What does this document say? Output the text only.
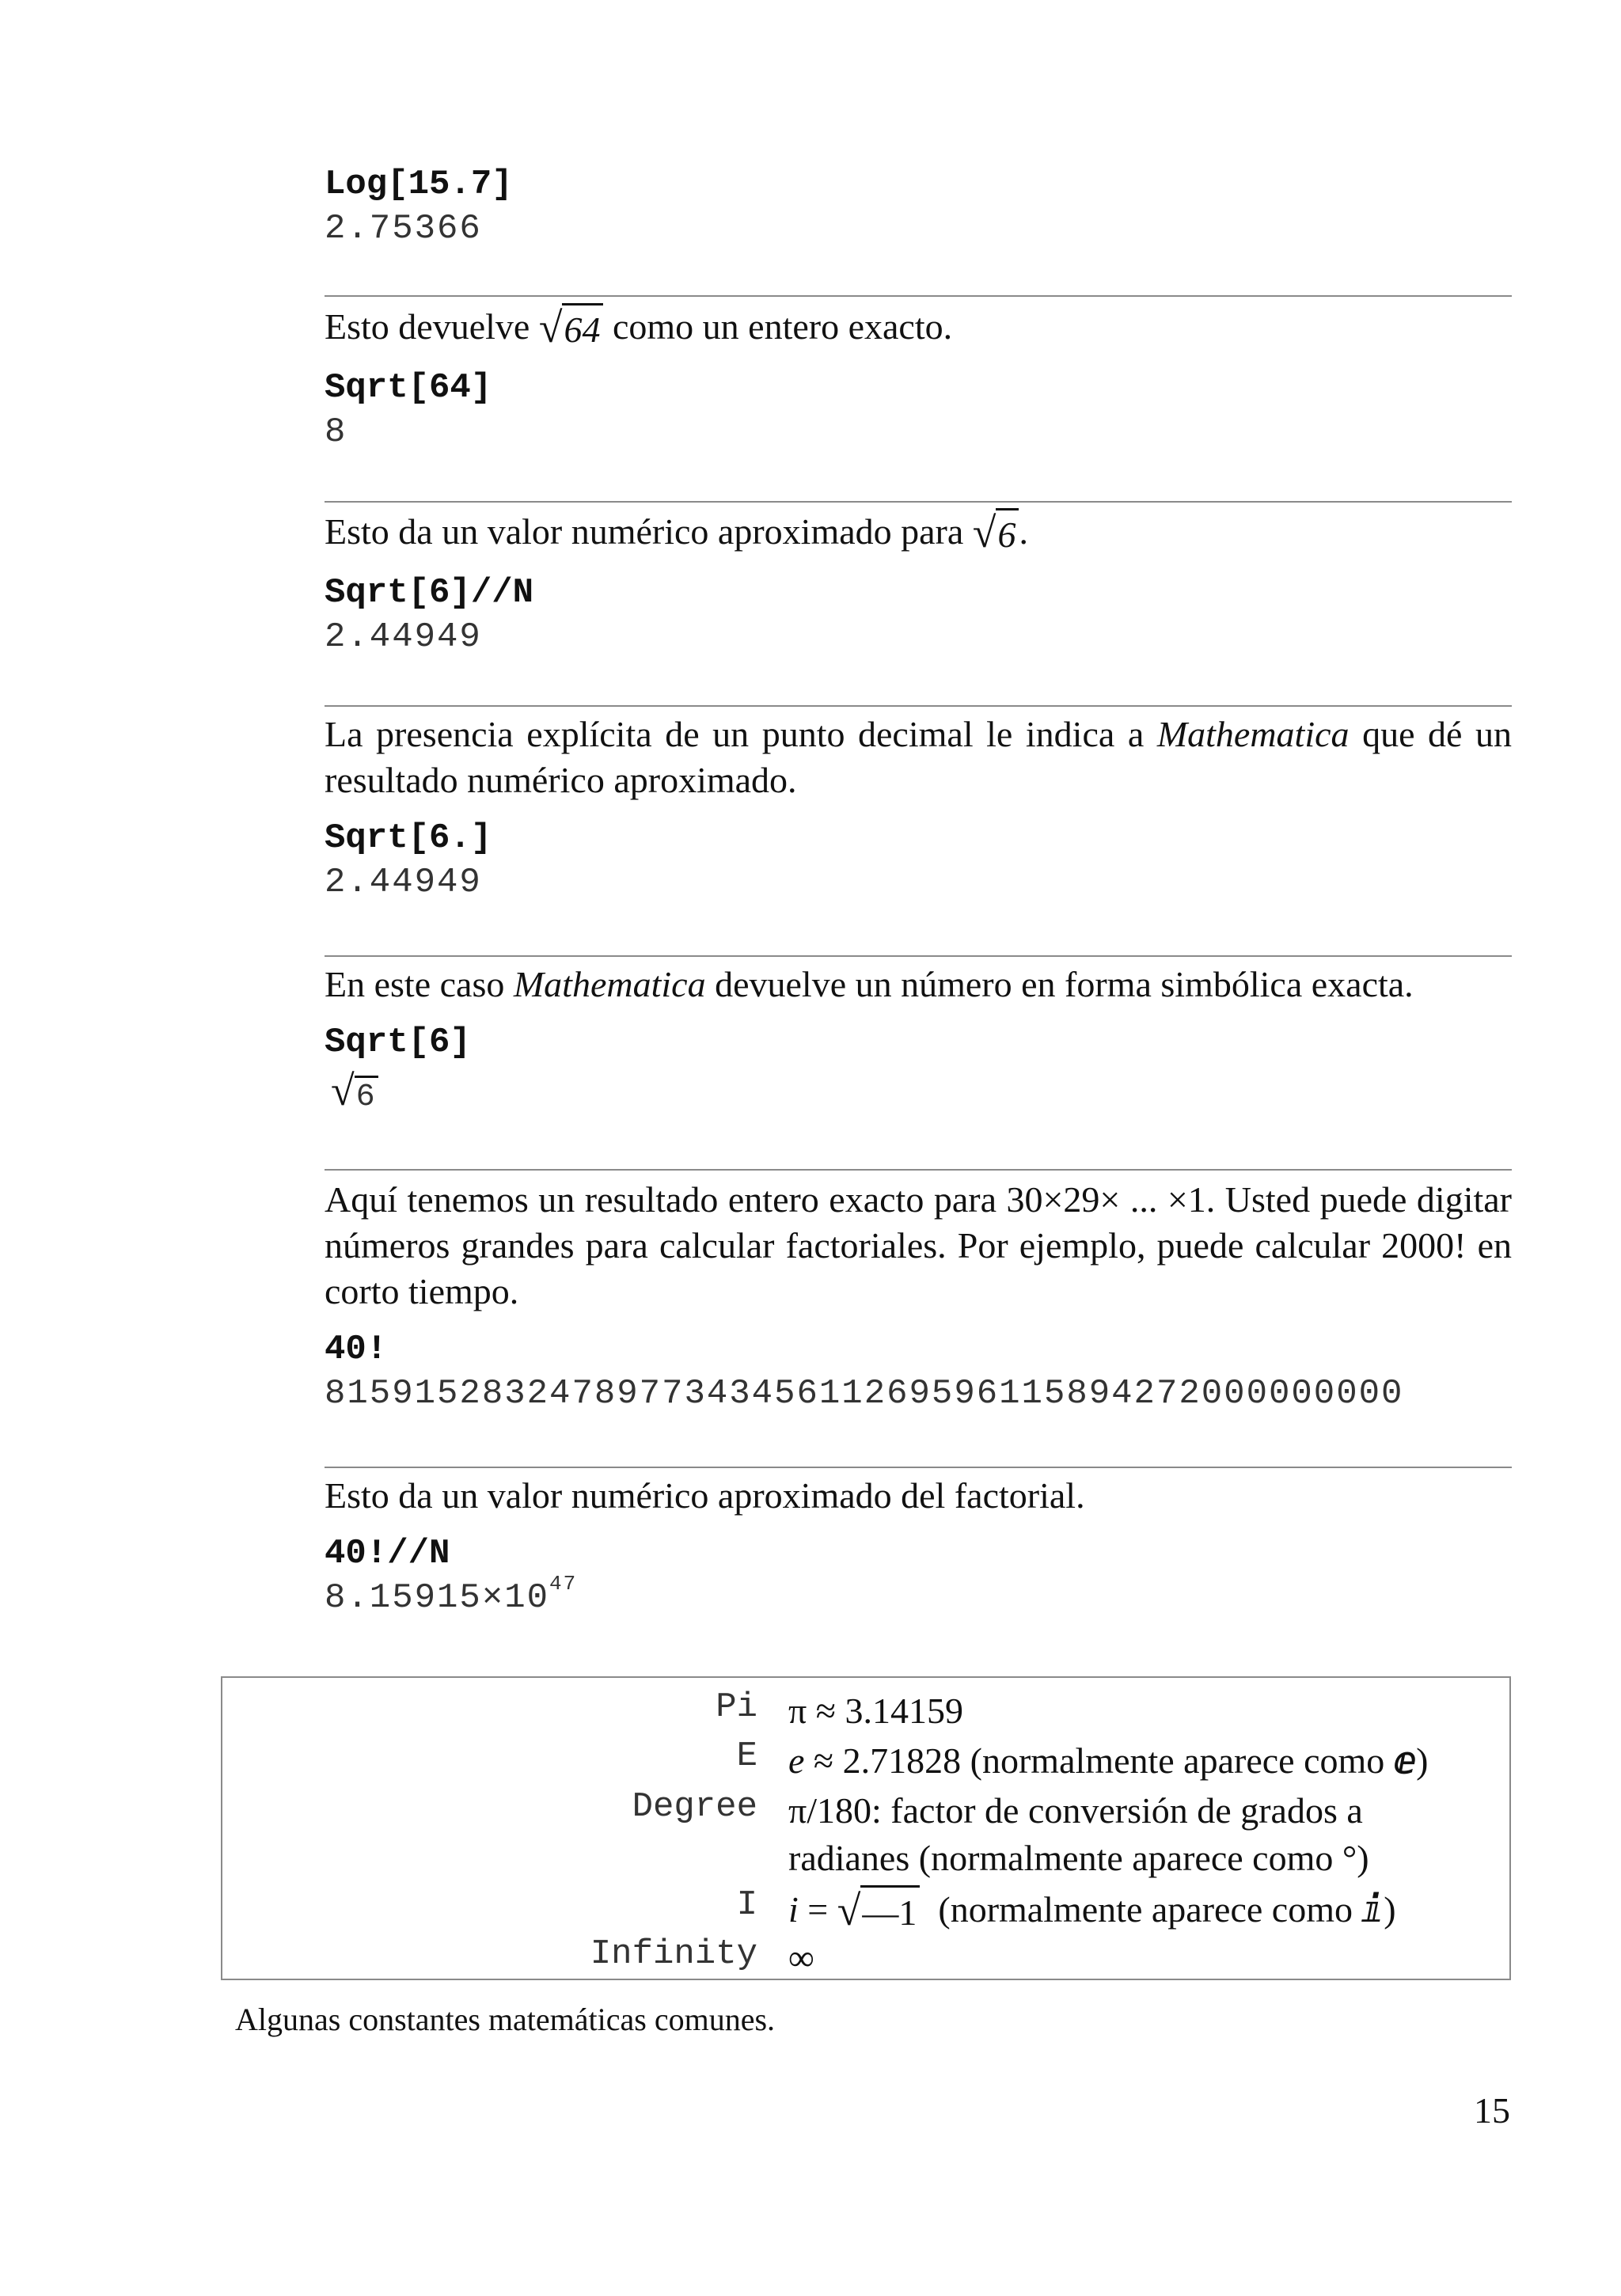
Log[15.7]
2.75366
Esto devuelve √64 como un entero exacto.
Sqrt[64]
8
Esto da un valor numérico aproximado para √6.
Sqrt[6]//N
2.44949
La presencia explícita de un punto decimal le indica a Mathematica que dé un resultado numérico aproximado.
Sqrt[6.]
2.44949
En este caso Mathematica devuelve un número en forma simbólica exacta.
Sqrt[6]
√6
Aquí tenemos un resultado entero exacto para 30×29× ... ×1. Usted puede digitar números grandes para calcular factoriales. Por ejemplo, puede calcular 2000! en corto tiempo.
40!
815915283247897734345611269596115894272000000000
Esto da un valor numérico aproximado del factorial.
40!//N
$8.15915\times 10^{47}$
Pi π ≈ 3.14159
E e ≈ 2.71828 (normalmente aparece como ⅇ)
Degree π/180: factor de conversión de grados a
radianes (normalmente aparece como °)
I i = √—1  (normalmente aparece como ⅈ)
Infinity ∞
Algunas constantes matemáticas comunes.
15
